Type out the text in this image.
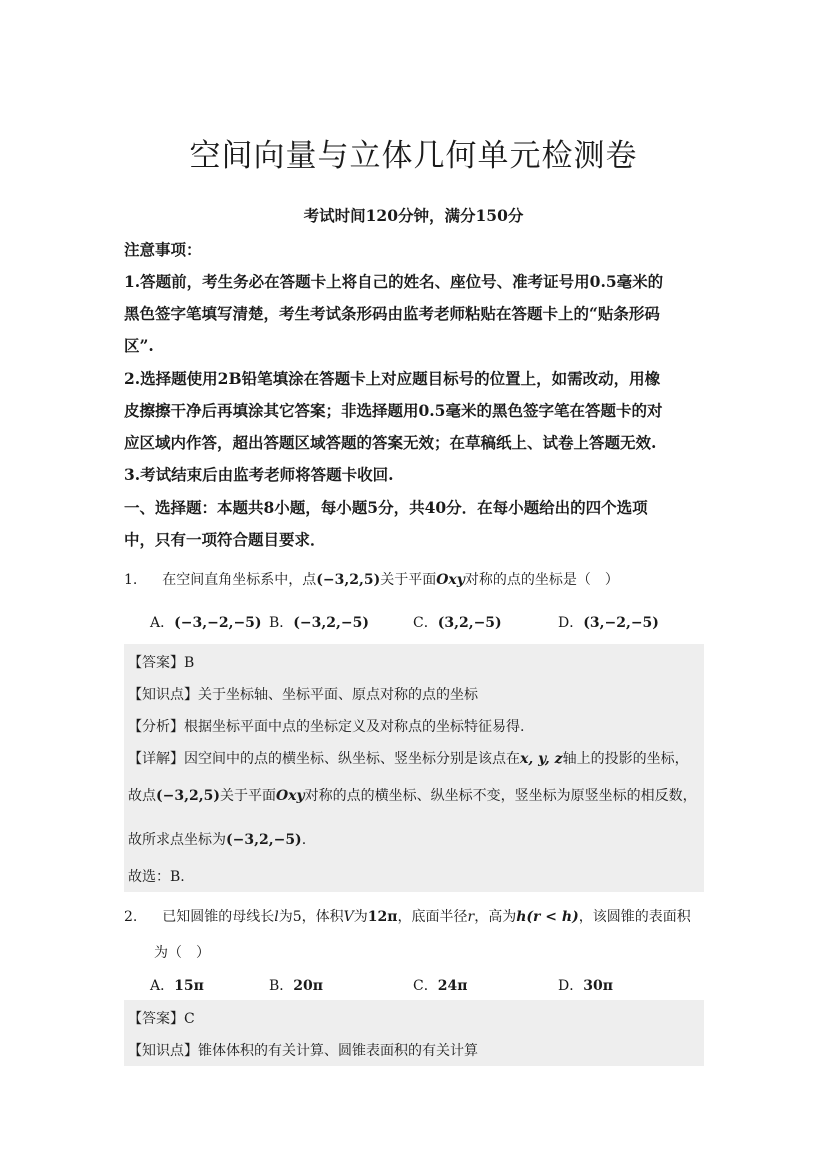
空间向量与立体几何单元检测卷
考试时间120分钟，满分150分
注意事项：
1.答题前，考生务必在答题卡上将自己的姓名、座位号、准考证号用0.5毫米的
黑色签字笔填写清楚，考生考试条形码由监考老师粘贴在答题卡上的“贴条形码
区”.
2.选择题使用2B铅笔填涂在答题卡上对应题目标号的位置上，如需改动，用橡
皮擦擦干净后再填涂其它答案；非选择题用0.5毫米的黑色签字笔在答题卡的对
应区域内作答，超出答题区域答题的答案无效；在草稿纸上、试卷上答题无效.
3.考试结束后由监考老师将答题卡收回.
一、选择题：本题共8小题，每小题5分，共40分．在每小题给出的四个选项
中，只有一项符合题目要求．
1. 在空间直角坐标系中，点(−3,2,5)关于平面Oxy对称的点的坐标是（　）
A．(−3,−2,−5) B．(−3,2,−5)	C．(3,2,−5)	D．(3,−2,−5)
【答案】B
【知识点】关于坐标轴、坐标平面、原点对称的点的坐标
【分析】根据坐标平面中点的坐标定义及对称点的坐标特征易得.
【详解】因空间中的点的横坐标、纵坐标、竖坐标分别是该点在x, y, z轴上的投影的坐标，
故点(−3,2,5)关于平面Oxy对称的点的横坐标、纵坐标不变，竖坐标为原竖坐标的相反数，
故所求点坐标为(−3,2,−5).
故选：B.
2. 已知圆锥的母线长l为5，体积V为12π，底面半径r，高为h(r < h)，该圆锥的表面积
为（　）
A．15π	B．20π	C．24π	D．30π
【答案】C
【知识点】锥体体积的有关计算、圆锥表面积的有关计算
